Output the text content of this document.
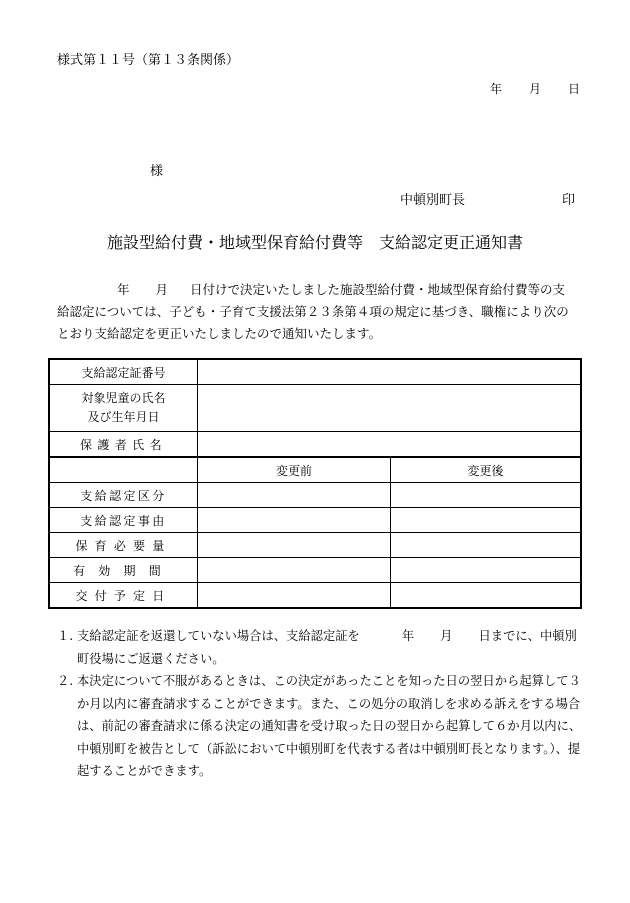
様式第１１号（第１３条関係）
年 月 日
様
中頓別町長	印
施設型給付費・地域型保育給付費等　支給認定更正通知書

年 月 日付けで決定いたしました施設型給付費・地域型保育給付費等の支給認定については、子ども・子育て支援法第２３条第４項の規定に基づき、職権により次のとおり支給認定を更正いたしましたので通知いたします。

支給認定証番号		
対象児童の氏名
及び生年月日		
保護者氏名		
	変更前	変更後
支給認定区分		
支給認定事由		
保育必要量		
有効期間		
交付予定日		
１. 支給認定証を返還していない場合は、支給認定証を	年 月 日までに、中頓別町役場にご返還ください。
２. 本決定について不服があるときは、この決定があったことを知った日の翌日から起算して３か月以内に審査請求することができます。また、この処分の取消しを求める訴えをする場合は、前記の審査請求に係る決定の通知書を受け取った日の翌日から起算して６か月以内に、中頓別町を被告として（訴訟において中頓別町を代表する者は中頓別町長となります。）、提起することができます。
